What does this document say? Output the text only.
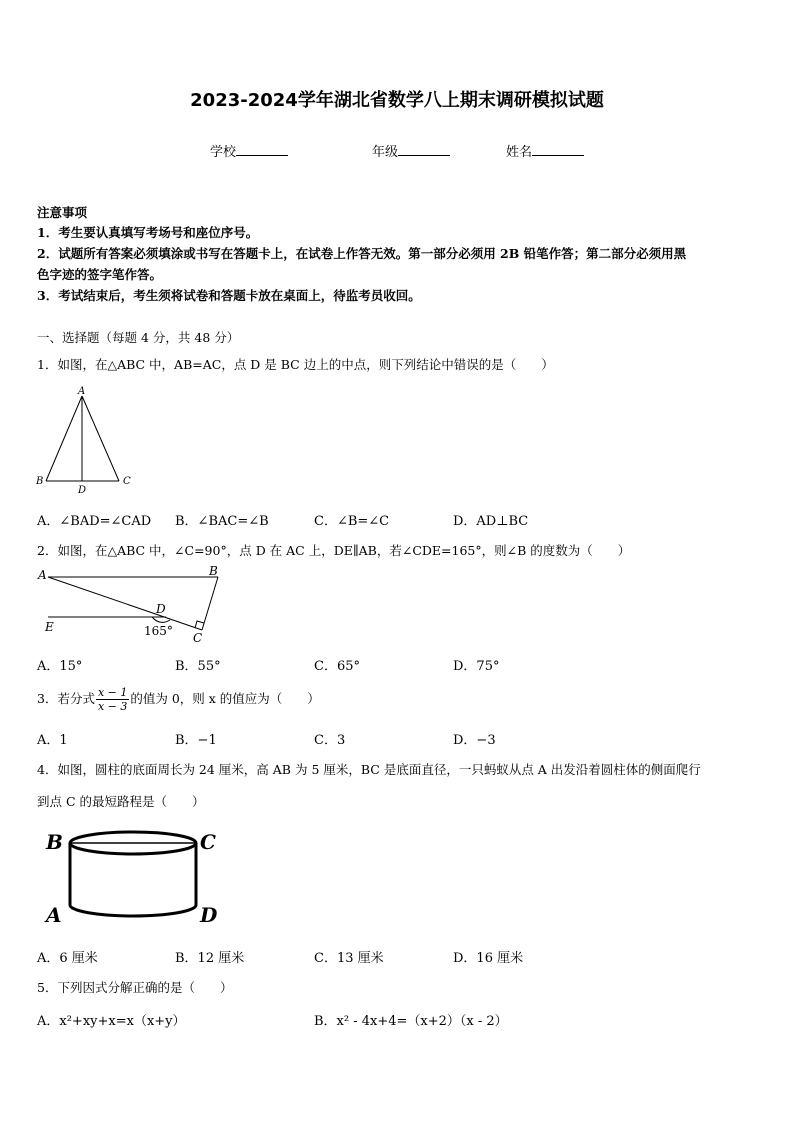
2023-2024学年湖北省数学八上期末调研模拟试题
学校	年级	姓名
注意事项
1．考生要认真填写考场号和座位序号。
2．试题所有答案必须填涂或书写在答题卡上，在试卷上作答无效。第一部分必须用 2B 铅笔作答；第二部分必须用黑
色字迹的签字笔作答。
3．考试结束后，考生须将试卷和答题卡放在桌面上，待监考员收回。
一、选择题（每题 4 分，共 48 分）
1．如图，在△ABC 中，AB=AC，点 D 是 BC 边上的中点，则下列结论中错误的是（　　）
A
B	C
D
A．∠BAD=∠CAD B．∠BAC=∠B	C．∠B=∠C	D．AD⊥BC
2．如图，在△ABC 中，∠C=90°，点 D 在 AC 上，DE∥AB，若∠CDE=165°，则∠B 的度数为（　　）
A	B
D
E	165° C
A．15°	B．55°	C．65°	D．75°
3．若分式 $\frac{x - 1}{x - 3}$ 的值为 0，则 x 的值应为（　　）
A．1	B．−1	C．3	D．−3
4．如图，圆柱的底面周长为 24 厘米，高 AB 为 5 厘米，BC 是底面直径，一只蚂蚁从点 A 出发沿着圆柱体的侧面爬行
到点 C 的最短路程是（　　）
B	C
A	D
A．6 厘米	B．12 厘米	C．13 厘米	D．16 厘米
5．下列因式分解正确的是（　　）
A．x²+xy+x=x（x+y）	B．x² - 4x+4=（x+2）（x - 2）
